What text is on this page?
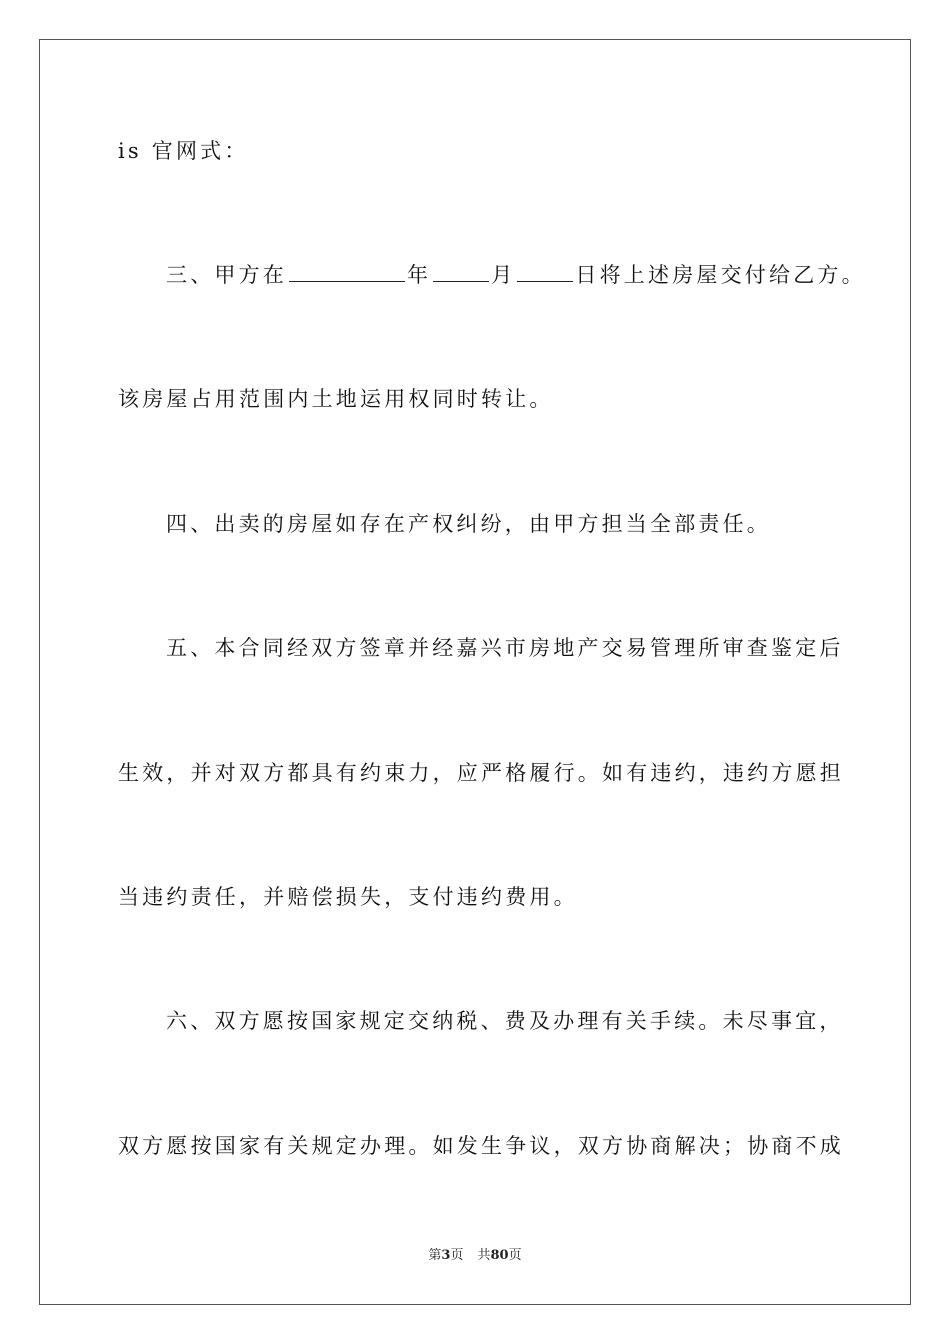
is 官网式：
三、甲方在	年	月	日将上述房屋交付给乙方。
该房屋占用范围内土地运用权同时转让。
四、出卖的房屋如存在产权纠纷，由甲方担当全部责任。
五、本合同经双方签章并经嘉兴市房地产交易管理所审查鉴定后
生效，并对双方都具有约束力，应严格履行。如有违约，违约方愿担
当违约责任，并赔偿损失，支付违约费用。
六、双方愿按国家规定交纳税、费及办理有关手续。未尽事宜，
双方愿按国家有关规定办理。如发生争议，双方协商解决；协商不成
第3页 共80页
